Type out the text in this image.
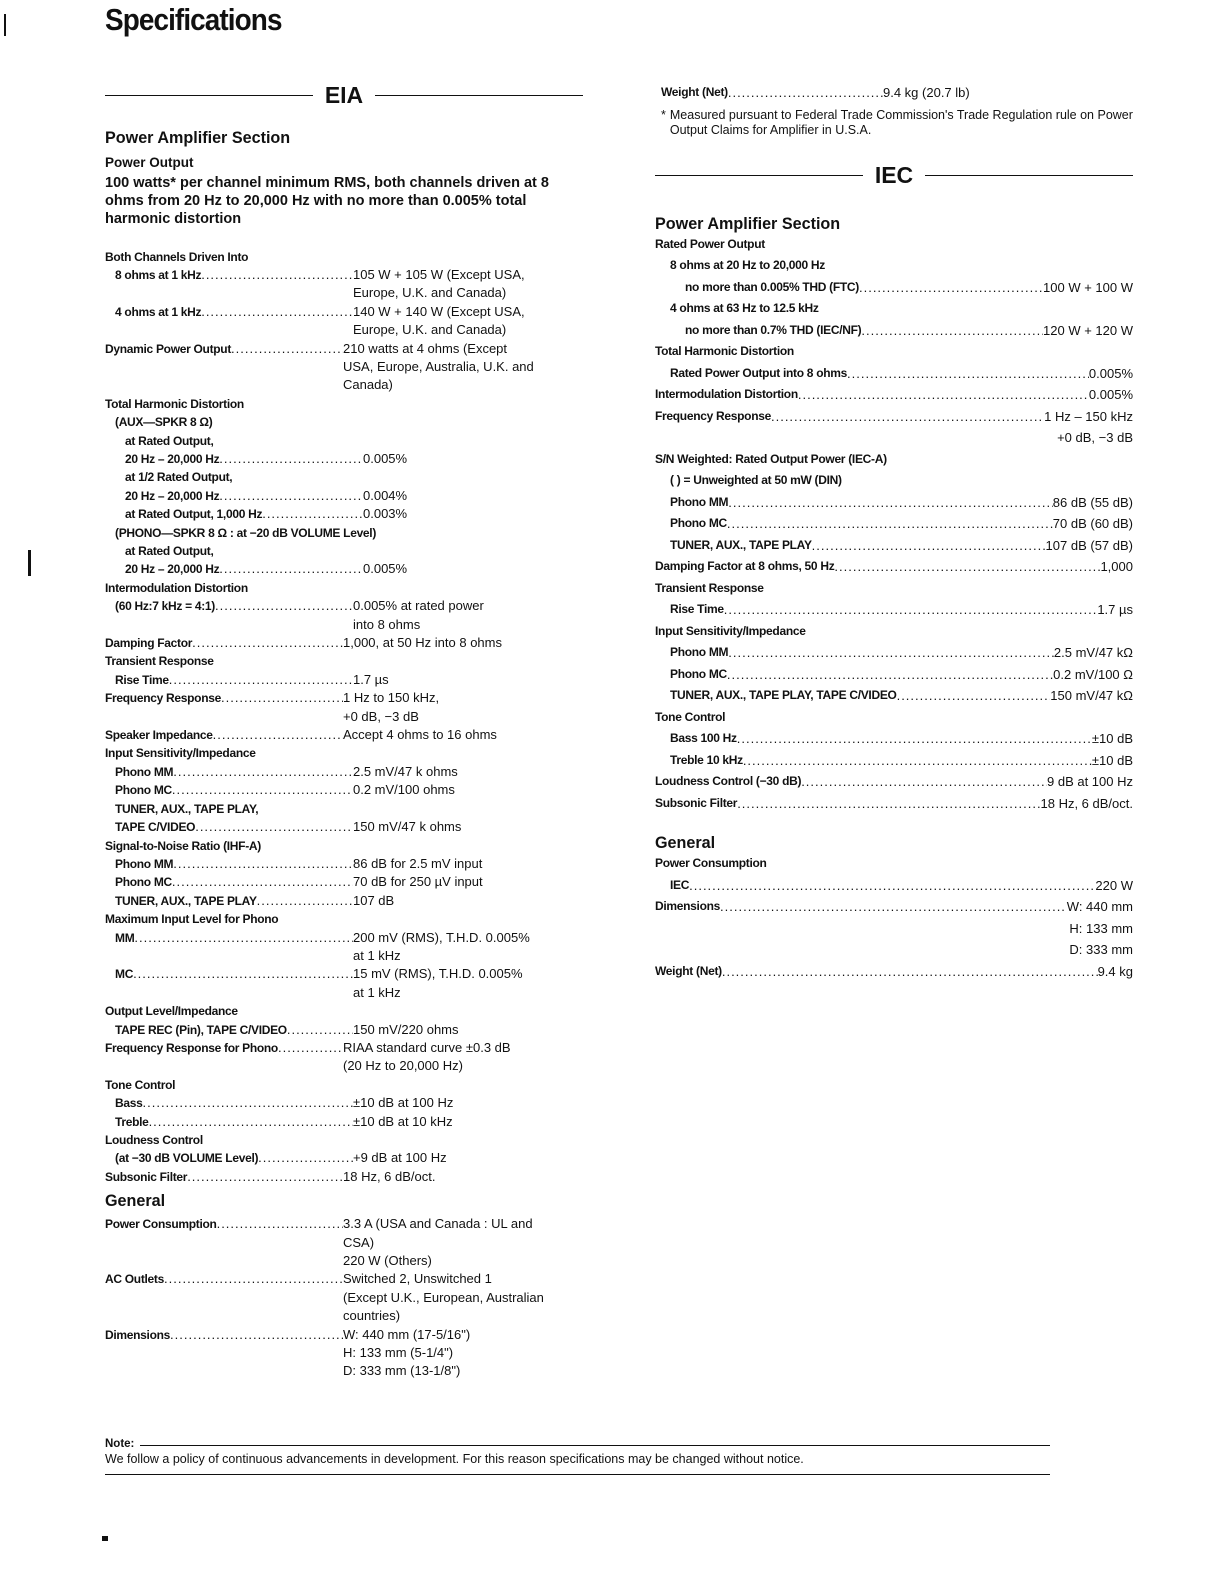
Specifications
EIA
Power Amplifier Section
Power Output
100 watts* per channel minimum RMS, both channels driven at 8 ohms from 20 Hz to 20,000 Hz with no more than 0.005% total harmonic distortion
Both Channels Driven Into
8 ohms at 1 kHz .....	105 W + 105 W (Except USA,
Europe, U.K. and Canada)
4 ohms at 1 kHz .....	140 W + 140 W (Except USA,
Europe, U.K. and Canada)
Dynamic Power Output .....	210 watts at 4 ohms (Except
USA, Europe, Australia, U.K. and
Canada)
Total Harmonic Distortion
(AUX—SPKR 8 Ω)
at Rated Output,
20 Hz – 20,000 Hz .....	0.005%
at 1/2 Rated Output,
20 Hz – 20,000 Hz .....	0.004%
at Rated Output, 1,000 Hz .....	0.003%
(PHONO—SPKR 8 Ω : at −20 dB VOLUME Level)
at Rated Output,
20 Hz – 20,000 Hz .....	0.005%
Intermodulation Distortion
(60 Hz:7 kHz = 4:1) .....	0.005% at rated power
into 8 ohms
Damping Factor .....	1,000, at 50 Hz into 8 ohms
Transient Response
Rise Time .....	1.7 µs
Frequency Response .....	1 Hz to 150 kHz,
+0 dB, −3 dB
Speaker Impedance .....	Accept 4 ohms to 16 ohms
Input Sensitivity/Impedance
Phono MM .....	2.5 mV/47 k ohms
Phono MC .....	0.2 mV/100 ohms
TUNER, AUX., TAPE PLAY,
TAPE C/VIDEO .....	150 mV/47 k ohms
Signal-to-Noise Ratio (IHF-A)
Phono MM .....	86 dB for 2.5 mV input
Phono MC .....	70 dB for 250 µV input
TUNER, AUX., TAPE PLAY .....	107 dB
Maximum Input Level for Phono
MM .....	200 mV (RMS), T.H.D. 0.005%
at 1 kHz
MC .....	15 mV (RMS), T.H.D. 0.005%
at 1 kHz
Output Level/Impedance
TAPE REC (Pin), TAPE C/VIDEO .....	150 mV/220 ohms
Frequency Response for Phono .....	RIAA standard curve ±0.3 dB
(20 Hz to 20,000 Hz)
Tone Control
Bass .....	±10 dB at 100 Hz
Treble .....	±10 dB at 10 kHz
Loudness Control
(at −30 dB VOLUME Level) .....	+9 dB at 100 Hz
Subsonic Filter .....	18 Hz, 6 dB/oct.
General
Power Consumption .....	3.3 A (USA and Canada : UL and
CSA)
220 W (Others)
AC Outlets .....	Switched 2, Unswitched 1
(Except U.K., European, Australian
countries)
Dimensions .....	W: 440 mm (17-5/16")
H: 133 mm (5-1/4")
D: 333 mm (13-1/8")
Weight (Net) .....	9.4 kg (20.7 lb)
* Measured pursuant to Federal Trade Commission's Trade Regulation rule on Power Output Claims for Amplifier in U.S.A.
IEC
Power Amplifier Section
Rated Power Output
8 ohms at 20 Hz to 20,000 Hz
no more than 0.005% THD (FTC) .....	100 W + 100 W
4 ohms at 63 Hz to 12.5 kHz
no more than 0.7% THD (IEC/NF) .....	120 W + 120 W
Total Harmonic Distortion
Rated Power Output into 8 ohms .....	0.005%
Intermodulation Distortion .....	0.005%
Frequency Response .....	1 Hz – 150 kHz
+0 dB, −3 dB
S/N Weighted: Rated Output Power (IEC-A)
( ) = Unweighted at 50 mW (DIN)
Phono MM .....	86 dB (55 dB)
Phono MC .....	70 dB (60 dB)
TUNER, AUX., TAPE PLAY .....	107 dB (57 dB)
Damping Factor at 8 ohms, 50 Hz .....	1,000
Transient Response
Rise Time .....	1.7 µs
Input Sensitivity/Impedance
Phono MM .....	2.5 mV/47 kΩ
Phono MC .....	0.2 mV/100 Ω
TUNER, AUX., TAPE PLAY, TAPE C/VIDEO .....	150 mV/47 kΩ
Tone Control
Bass 100 Hz .....	±10 dB
Treble 10 kHz .....	±10 dB
Loudness Control (−30 dB) .....	9 dB at 100 Hz
Subsonic Filter .....	18 Hz, 6 dB/oct.
General
Power Consumption
IEC .....	220 W
Dimensions .....	W: 440 mm
H: 133 mm
D: 333 mm
Weight (Net) .....	9.4 kg
Note:
We follow a policy of continuous advancements in development. For this reason specifications may be changed without notice.
